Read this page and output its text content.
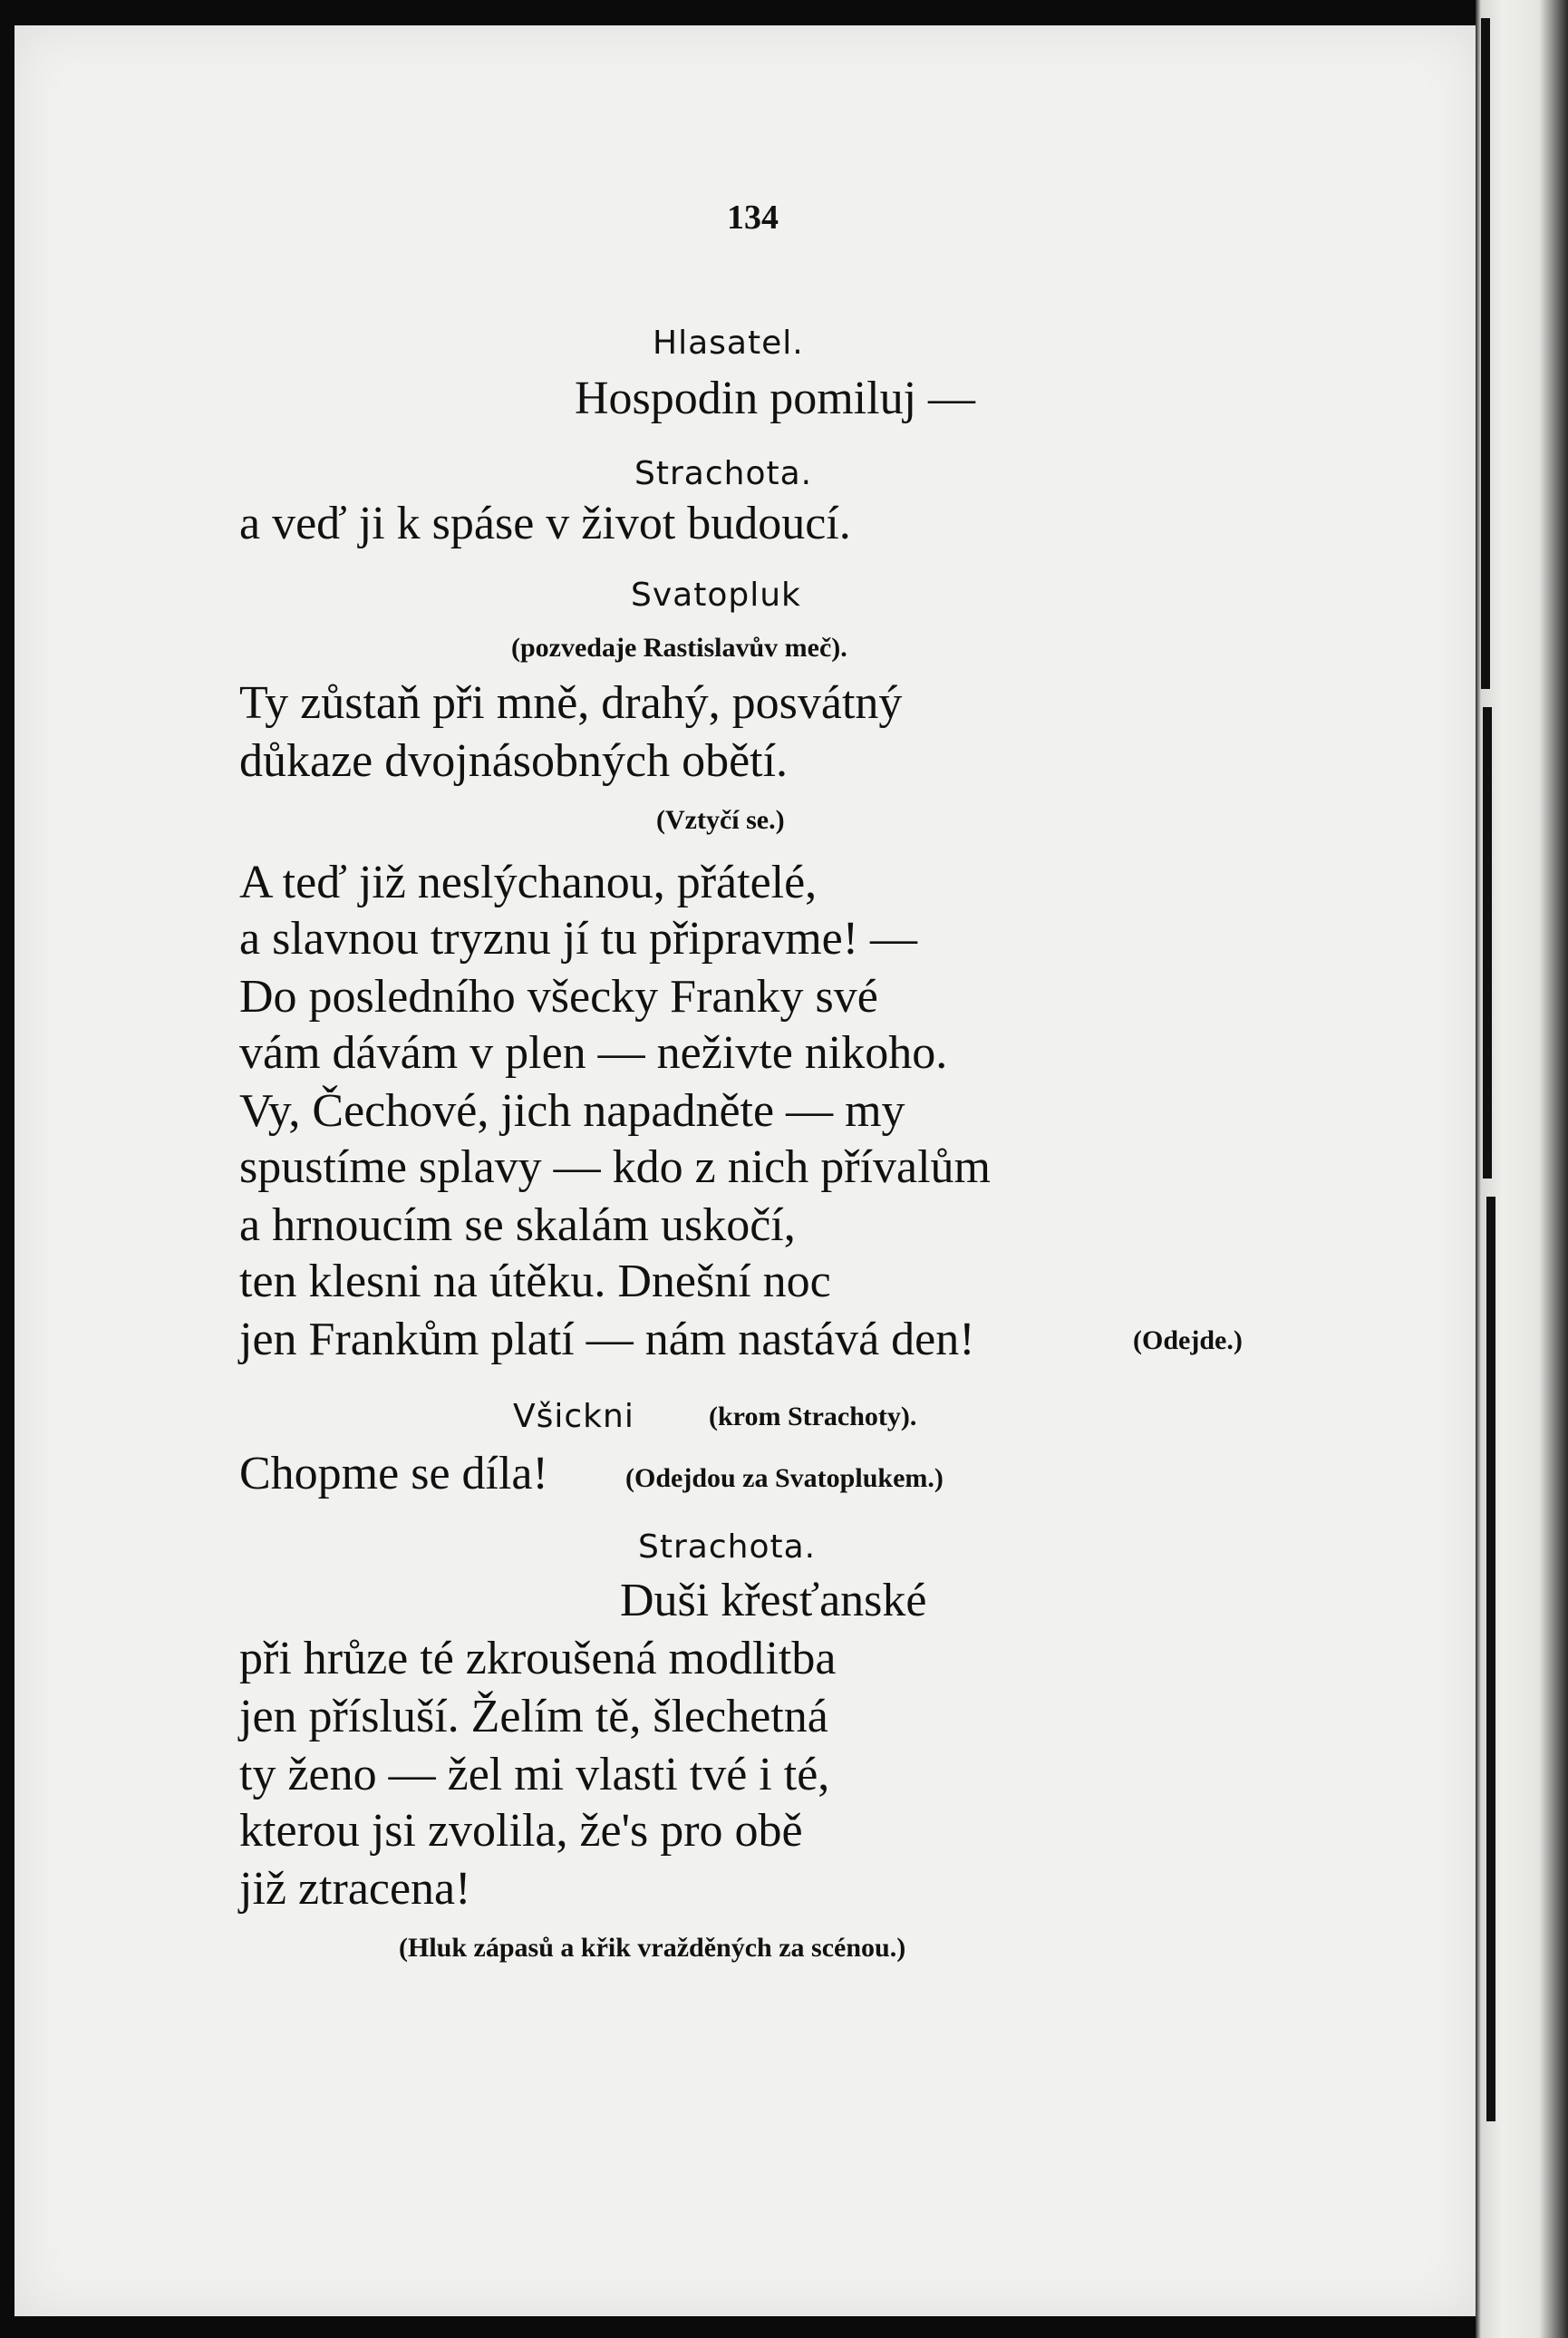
134
Hlasatel.
Hospodin pomiluj —
Strachota.
a veď ji k spáse v život budoucí.
Svatopluk
(pozvedaje Rastislavův meč).
Ty zůstaň při mně, drahý, posvátný
důkaze dvojnásobných obětí.
(Vztyčí se.)
A teď již neslýchanou, přátelé,
a slavnou tryznu jí tu připravme! —
Do posledního všecky Franky své
vám dávám v plen — neživte nikoho.
Vy, Čechové, jich napadněte — my
spustíme splavy — kdo z nich přívalům
a hrnoucím se skalám uskočí,
ten klesni na útěku. Dnešní noc
jen Frankům platí — nám nastává den!	(Odejde.)
Všickni	(krom Strachoty).
Chopme se díla!	(Odejdou za Svatoplukem.)
Strachota.
Duši křesťanské
při hrůze té zkroušená modlitba
jen přísluší. Želím tě, šlechetná
ty ženo — žel mi vlasti tvé i té,
kterou jsi zvolila, že's pro obě
již ztracena!
(Hluk zápasů a křik vražděných za scénou.)
